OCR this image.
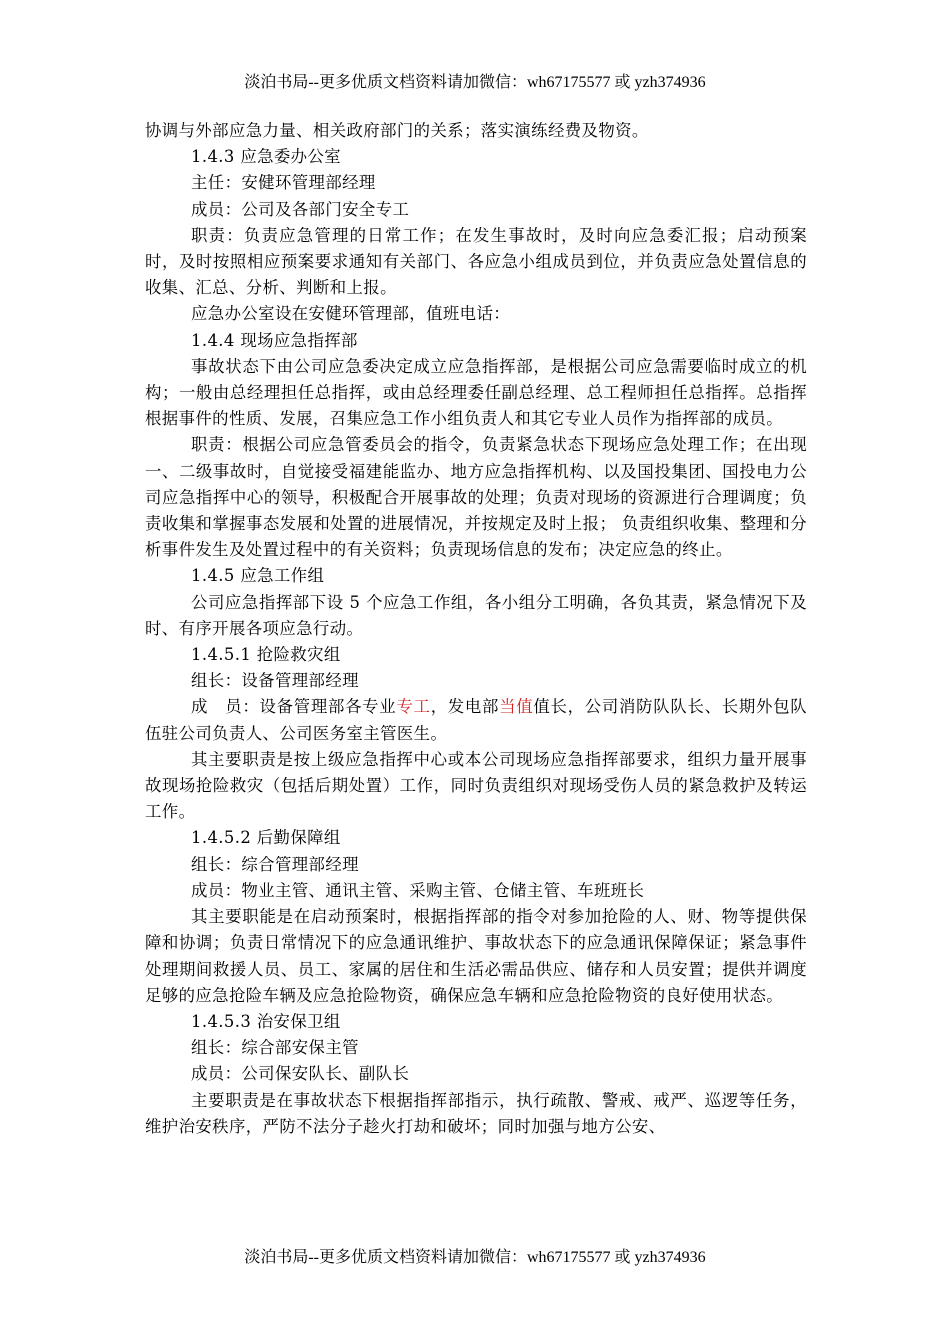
淡泊书局--更多优质文档资料请加微信：wh67175577 或 yzh374936

协调与外部应急力量、相关政府部门的关系；落实演练经费及物资。

1.4.3 应急委办公室

主任：安健环管理部经理

成员：公司及各部门安全专工

职责：负责应急管理的日常工作；在发生事故时，及时向应急委汇报；启动预案时，及时按照相应预案要求通知有关部门、各应急小组成员到位，并负责应急处置信息的收集、汇总、分析、判断和上报。

应急办公室设在安健环管理部，值班电话：

1.4.4 现场应急指挥部

事故状态下由公司应急委决定成立应急指挥部，是根据公司应急需要临时成立的机构；一般由总经理担任总指挥，或由总经理委任副总经理、总工程师担任总指挥。总指挥根据事件的性质、发展，召集应急工作小组负责人和其它专业人员作为指挥部的成员。

职责：根据公司应急管委员会的指令，负责紧急状态下现场应急处理工作；在出现一、二级事故时，自觉接受福建能监办、地方应急指挥机构、以及国投集团、国投电力公司应急指挥中心的领导，积极配合开展事故的处理；负责对现场的资源进行合理调度；负责收集和掌握事态发展和处置的进展情况，并按规定及时上报； 负责组织收集、整理和分析事件发生及处置过程中的有关资料；负责现场信息的发布；决定应急的终止。

1.4.5 应急工作组

公司应急指挥部下设 5 个应急工作组，各小组分工明确，各负其责，紧急情况下及时、有序开展各项应急行动。

1.4.5.1 抢险救灾组

组长：设备管理部经理

成　员：设备管理部各专业专工，发电部当值值长，公司消防队队长、长期外包队伍驻公司负责人、公司医务室主管医生。

其主要职责是按上级应急指挥中心或本公司现场应急指挥部要求，组织力量开展事故现场抢险救灾（包括后期处置）工作，同时负责组织对现场受伤人员的紧急救护及转运工作。

1.4.5.2 后勤保障组

组长：综合管理部经理

成员：物业主管、通讯主管、采购主管、仓储主管、车班班长

其主要职能是在启动预案时，根据指挥部的指令对参加抢险的人、财、物等提供保障和协调；负责日常情况下的应急通讯维护、事故状态下的应急通讯保障保证；紧急事件处理期间救援人员、员工、家属的居住和生活必需品供应、储存和人员安置；提供并调度足够的应急抢险车辆及应急抢险物资，确保应急车辆和应急抢险物资的良好使用状态。

1.4.5.3 治安保卫组

组长：综合部安保主管

成员：公司保安队长、副队长

主要职责是在事故状态下根据指挥部指示，执行疏散、警戒、戒严、巡逻等任务，维护治安秩序，严防不法分子趁火打劫和破坏；同时加强与地方公安、

淡泊书局--更多优质文档资料请加微信：wh67175577 或 yzh374936
